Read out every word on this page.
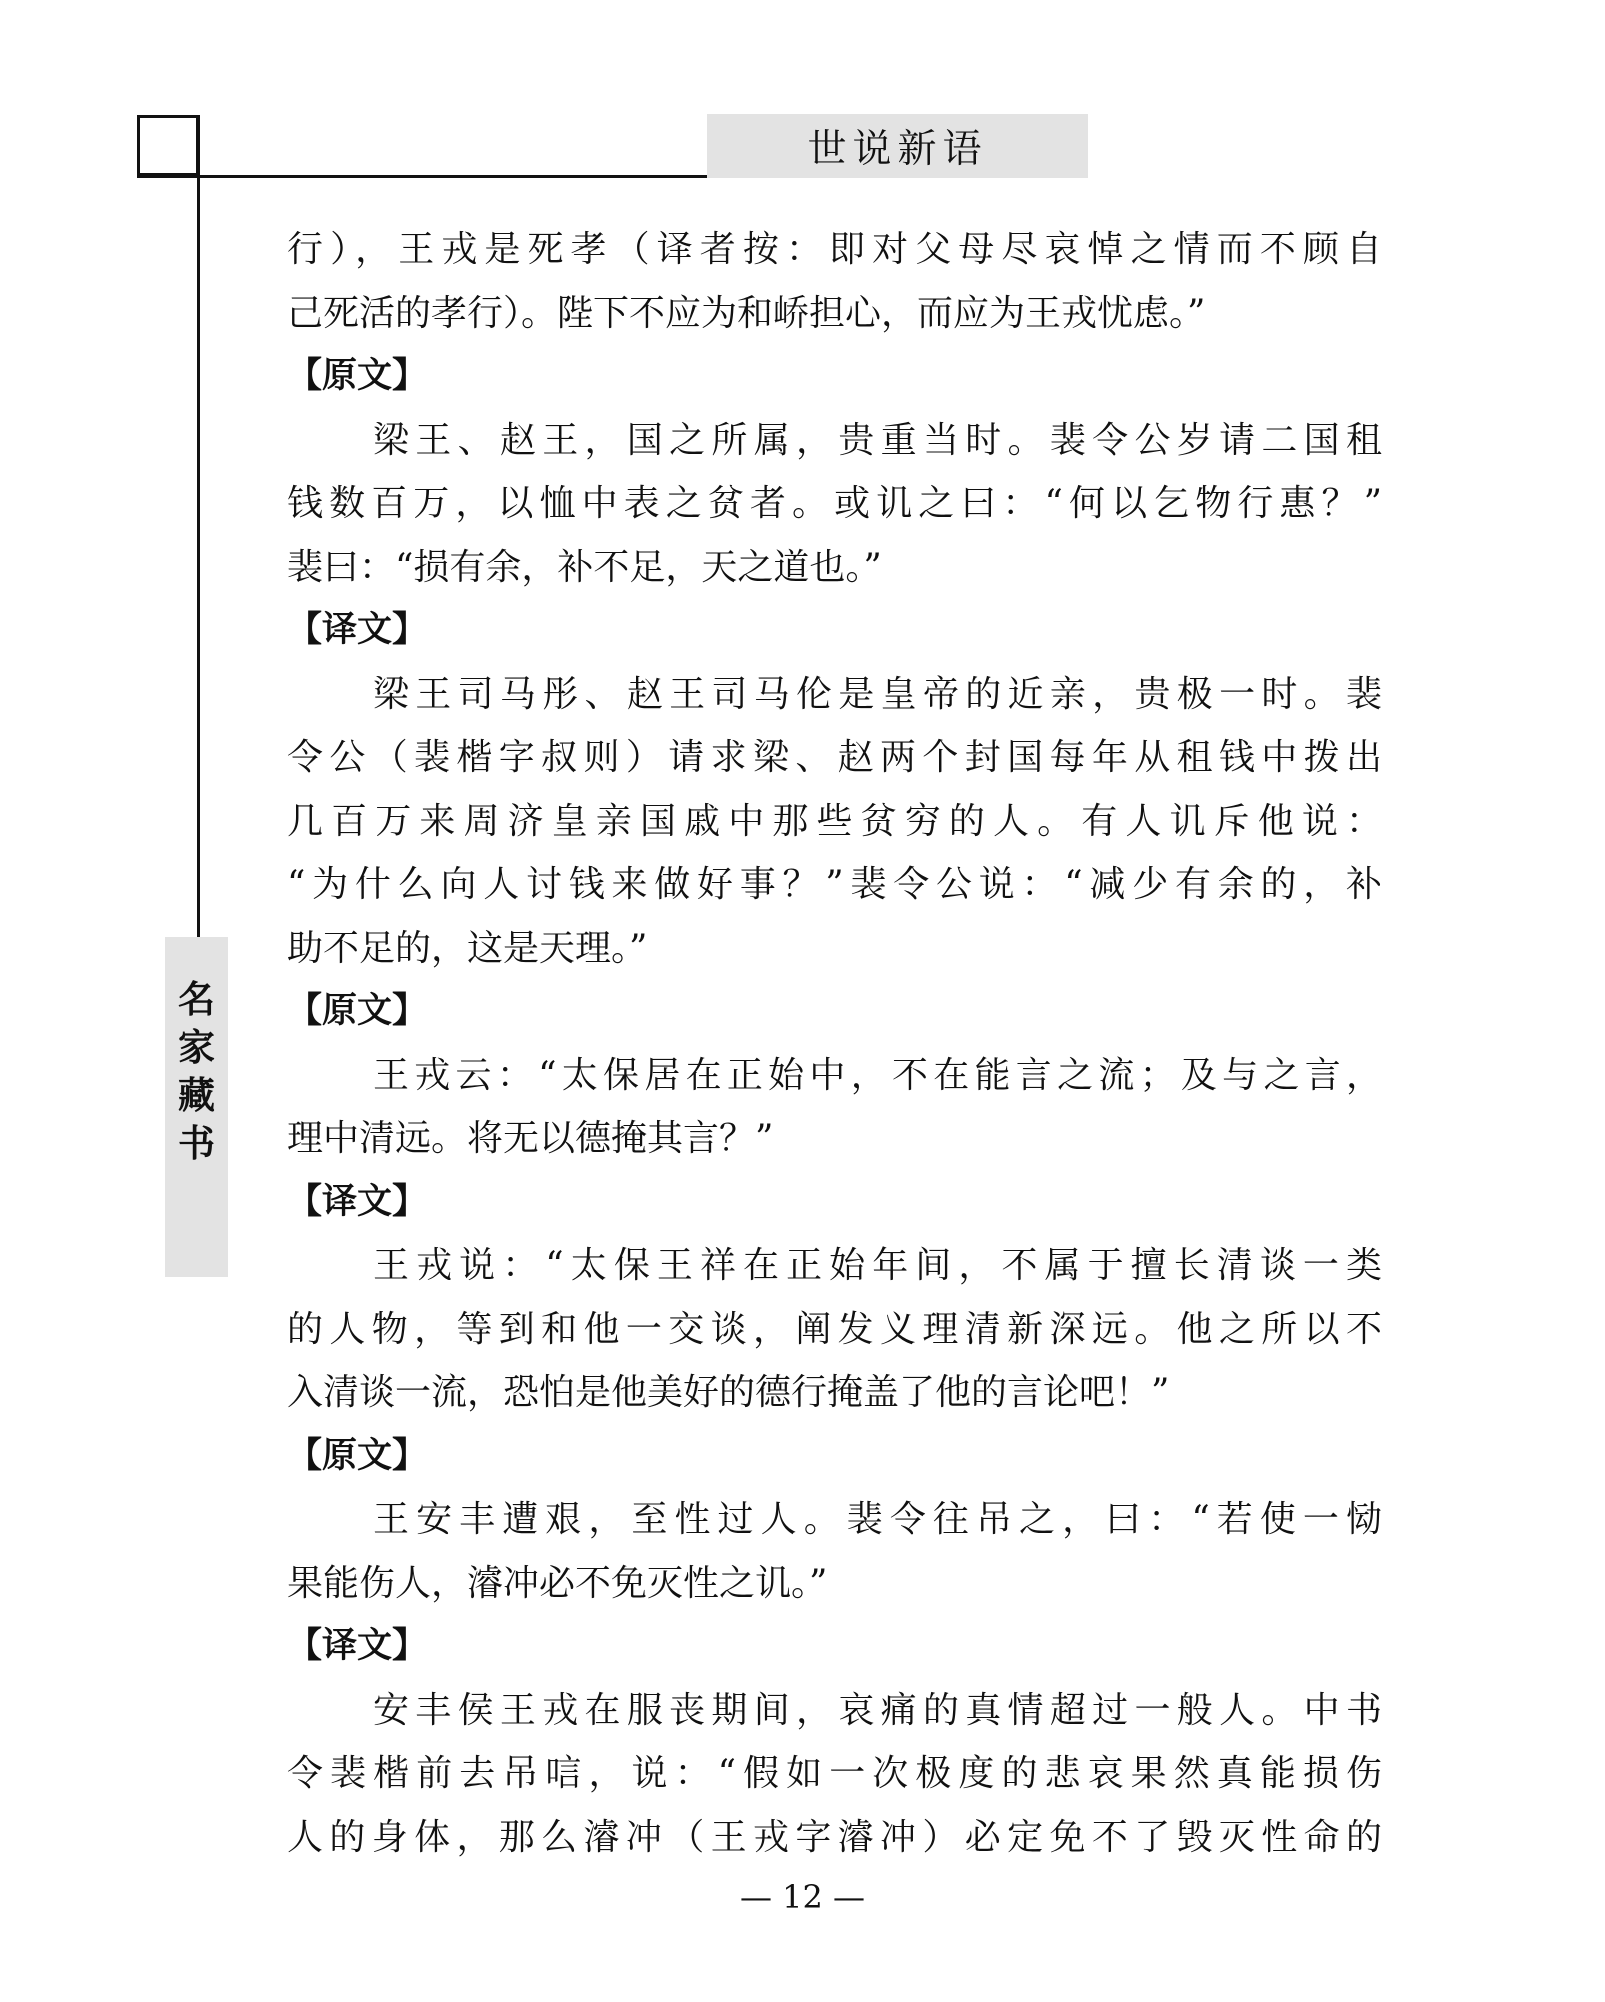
世说新语
名
家
藏
书
行），王戎是死孝（译者按：即对父母尽哀悼之情而不顾自
己死活的孝行）。陛下不应为和峤担心，而应为王戎忧虑。”
【原文】
梁王、赵王，国之所属，贵重当时。裴令公岁请二国租
钱数百万，以恤中表之贫者。或讥之曰：“何以乞物行惠？”
裴曰：“损有余，补不足，天之道也。”
【译文】
梁王司马彤、赵王司马伦是皇帝的近亲，贵极一时。裴
令公（裴楷字叔则）请求梁、赵两个封国每年从租钱中拨出
几百万来周济皇亲国戚中那些贫穷的人。有人讥斥他说：
“为什么向人讨钱来做好事？”裴令公说：“减少有余的，补
助不足的，这是天理。”
【原文】
王戎云：“太保居在正始中，不在能言之流；及与之言，
理中清远。将无以德掩其言？”
【译文】
王戎说：“太保王祥在正始年间，不属于擅长清谈一类
的人物，等到和他一交谈，阐发义理清新深远。他之所以不
入清谈一流，恐怕是他美好的德行掩盖了他的言论吧！”
【原文】
王安丰遭艰，至性过人。裴令往吊之，曰：“若使一恸
果能伤人，濬冲必不免灭性之讥。”
【译文】
安丰侯王戎在服丧期间，哀痛的真情超过一般人。中书
令裴楷前去吊唁，说：“假如一次极度的悲哀果然真能损伤
人的身体，那么濬冲（王戎字濬冲）必定免不了毁灭性命的
— 12 —
